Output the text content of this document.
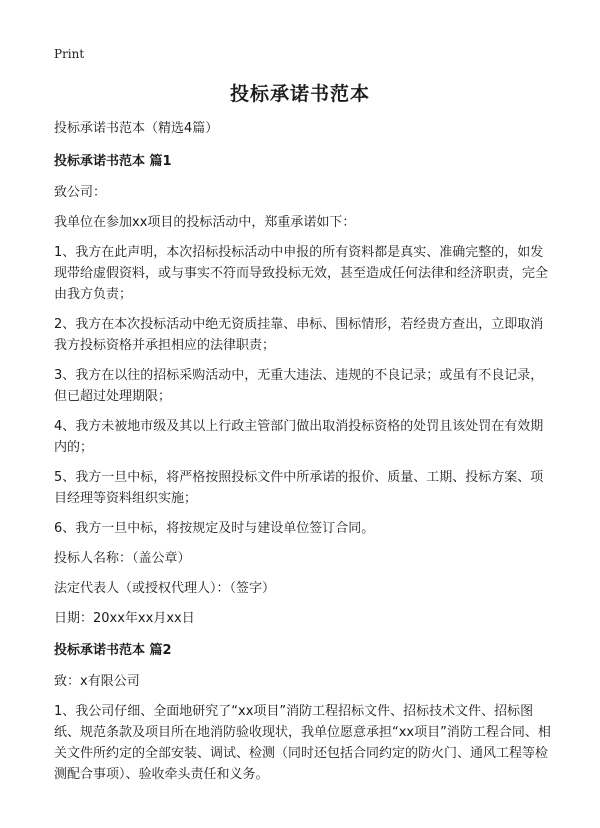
Print
投标承诺书范本

投标承诺书范本（精选4篇）

投标承诺书范本 篇1

致公司：

我单位在参加xx项目的投标活动中，郑重承诺如下：

1、我方在此声明，本次招标投标活动中申报的所有资料都是真实、准确完整的，如发现带给虚假资料，或与事实不符而导致投标无效，甚至造成任何法律和经济职责，完全由我方负责；

2、我方在本次投标活动中绝无资质挂靠、串标、围标情形，若经贵方查出，立即取消我方投标资格并承担相应的法律职责；

3、我方在以往的招标采购活动中，无重大违法、违规的不良记录；或虽有不良记录，但已超过处理期限；

4、我方未被地市级及其以上行政主管部门做出取消投标资格的处罚且该处罚在有效期内的；

5、我方一旦中标，将严格按照投标文件中所承诺的报价、质量、工期、投标方案、项目经理等资料组织实施；

6、我方一旦中标，将按规定及时与建设单位签订合同。

投标人名称：（盖公章）

法定代表人（或授权代理人）：（签字）

日期：20xx年xx月xx日

投标承诺书范本 篇2

致：x有限公司

1、我公司仔细、全面地研究了“xx项目”消防工程招标文件、招标技术文件、招标图纸、规范条款及项目所在地消防验收现状，我单位愿意承担“xx项目”消防工程合同、相关文件所约定的全部安装、调试、检测（同时还包括合同约定的防火门、通风工程等检测配合事项）、验收牵头责任和义务。
